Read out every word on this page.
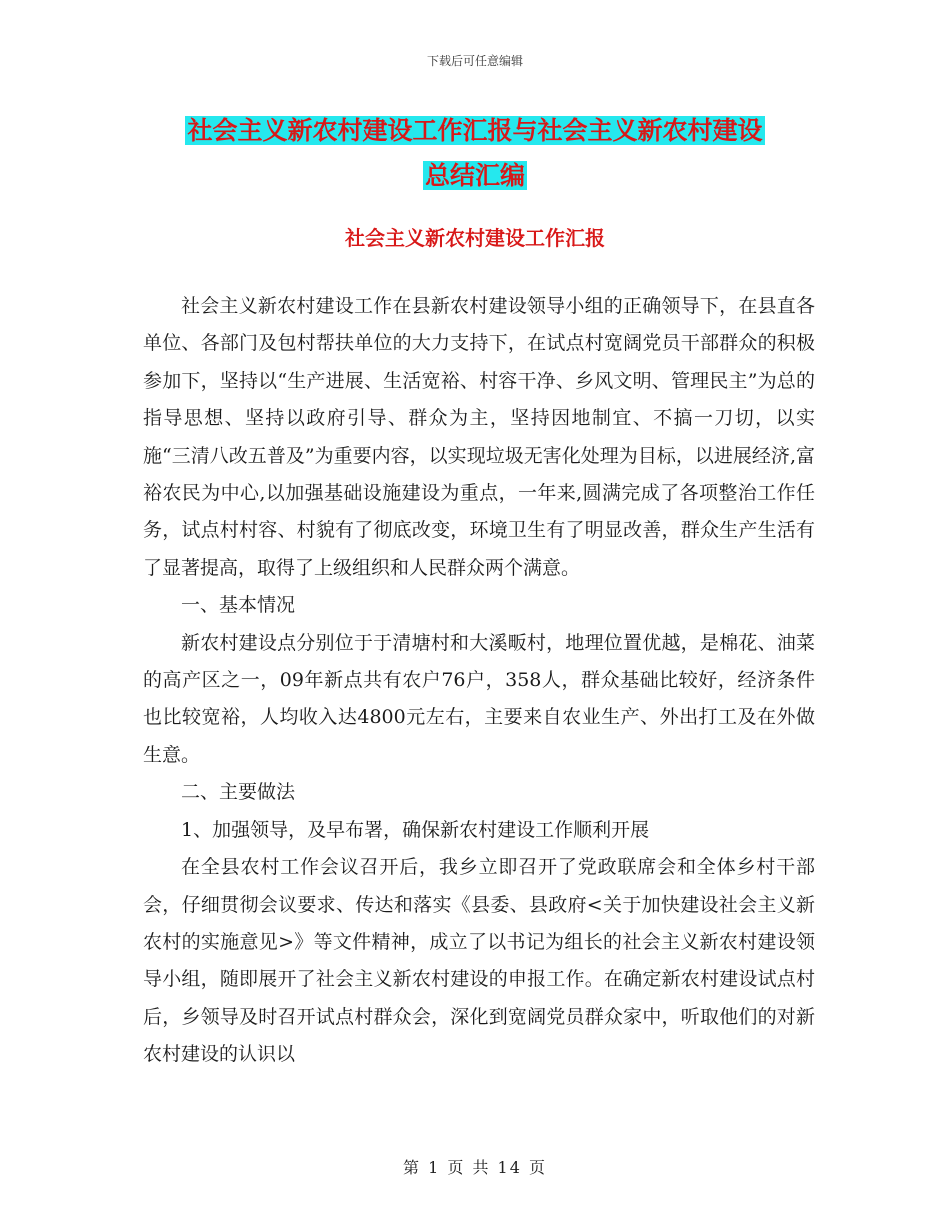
下载后可任意编辑
社会主义新农村建设工作汇报与社会主义新农村建设
总结汇编
社会主义新农村建设工作汇报

社会主义新农村建设工作在县新农村建设领导小组的正确领导下，在县直各单位、各部门及包村帮扶单位的大力支持下，在试点村宽阔党员干部群众的积极参加下，坚持以“生产进展、生活宽裕、村容干净、乡风文明、管理民主”为总的指导思想、坚持以政府引导、群众为主，坚持因地制宜、不搞一刀切，以实施“三清八改五普及”为重要内容，以实现垃圾无害化处理为目标，以进展经济,富裕农民为中心,以加强基础设施建设为重点，一年来,圆满完成了各项整治工作任务，试点村村容、村貌有了彻底改变，环境卫生有了明显改善，群众生产生活有了显著提高，取得了上级组织和人民群众两个满意。

一、基本情况

新农村建设点分别位于于清塘村和大溪畈村，地理位置优越，是棉花、油菜的高产区之一，09年新点共有农户76户，358人，群众基础比较好，经济条件也比较宽裕，人均收入达4800元左右，主要来自农业生产、外出打工及在外做生意。

二、主要做法

1、加强领导，及早布署，确保新农村建设工作顺利开展

在全县农村工作会议召开后，我乡立即召开了党政联席会和全体乡村干部会，仔细贯彻会议要求、传达和落实《县委、县政府<关于加快建设社会主义新农村的实施意见>》等文件精神，成立了以书记为组长的社会主义新农村建设领导小组，随即展开了社会主义新农村建设的申报工作。在确定新农村建设试点村后，乡领导及时召开试点村群众会，深化到宽阔党员群众家中，听取他们的对新农村建设的认识以

第 1 页 共 14 页
